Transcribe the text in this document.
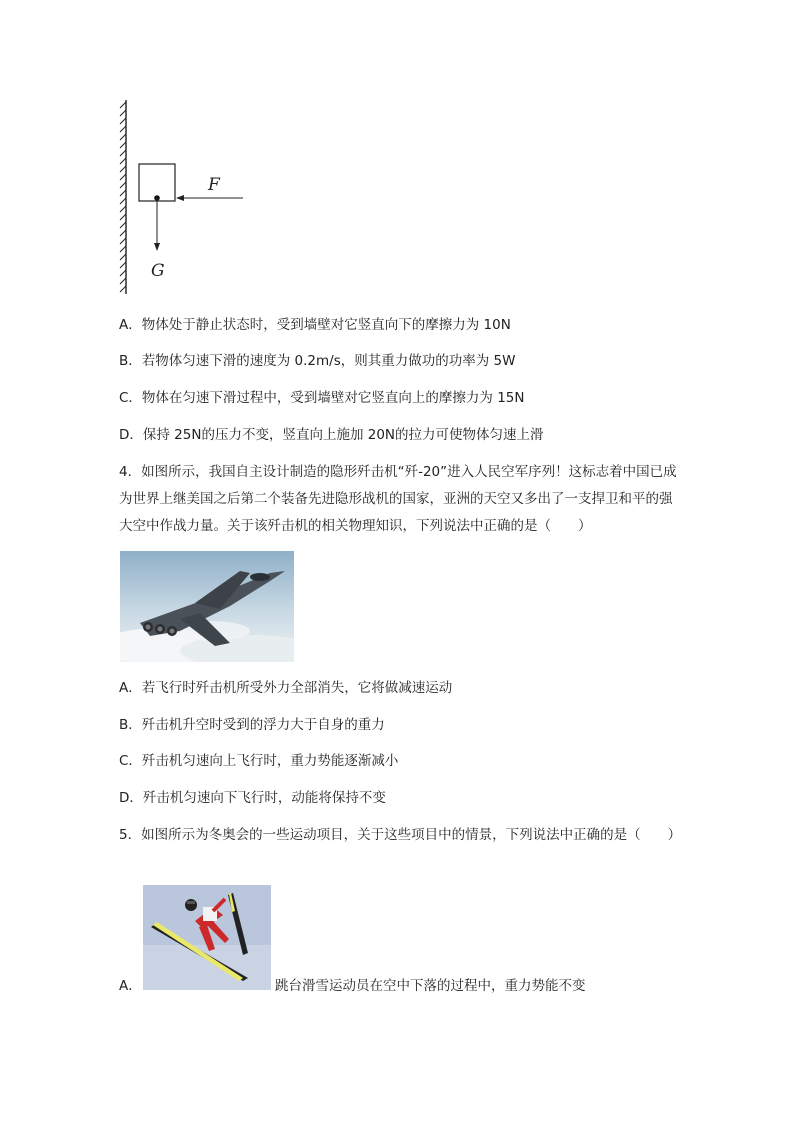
F
G
A．物体处于静止状态时，受到墙壁对它竖直向下的摩擦力为 10N
B．若物体匀速下滑的速度为 0.2m/s，则其重力做功的功率为 5W
C．物体在匀速下滑过程中，受到墙壁对它竖直向上的摩擦力为 15N
D．保持 25N的压力不变，竖直向上施加 20N的拉力可使物体匀速上滑
4．如图所示，我国自主设计制造的隐形歼击机“歼-20”进入人民空军序列！这标志着中国已成为世界上继美国之后第二个装备先进隐形战机的国家，亚洲的天空又多出了一支捍卫和平的强大空中作战力量。关于该歼击机的相关物理知识，下列说法中正确的是（　　）
A．若飞行时歼击机所受外力全部消失，它将做减速运动
B．歼击机升空时受到的浮力大于自身的重力
C．歼击机匀速向上飞行时，重力势能逐渐减小
D．歼击机匀速向下飞行时，动能将保持不变
5．如图所示为冬奥会的一些运动项目，关于这些项目中的情景，下列说法中正确的是（　　）
A．	跳台滑雪运动员在空中下落的过程中，重力势能不变
